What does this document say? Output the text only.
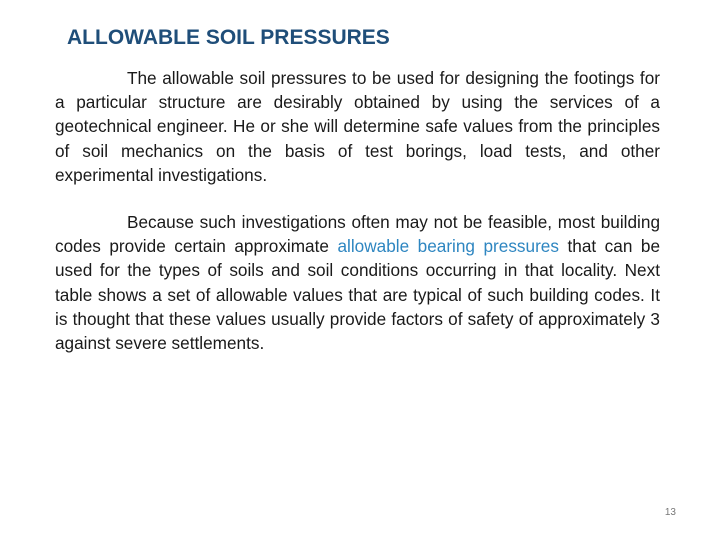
ALLOWABLE SOIL PRESSURES
The allowable soil pressures to be used for designing the footings for a particular structure are desirably obtained by using the services of a geotechnical engineer. He or she will determine safe values from the principles of soil mechanics on the basis of test borings, load tests, and other experimental investigations.
Because such investigations often may not be feasible, most building codes provide certain approximate allowable bearing pressures that can be used for the types of soils and soil conditions occurring in that locality. Next table shows a set of allowable values that are typical of such building codes. It is thought that these values usually provide factors of safety of approximately 3 against severe settlements.
13
